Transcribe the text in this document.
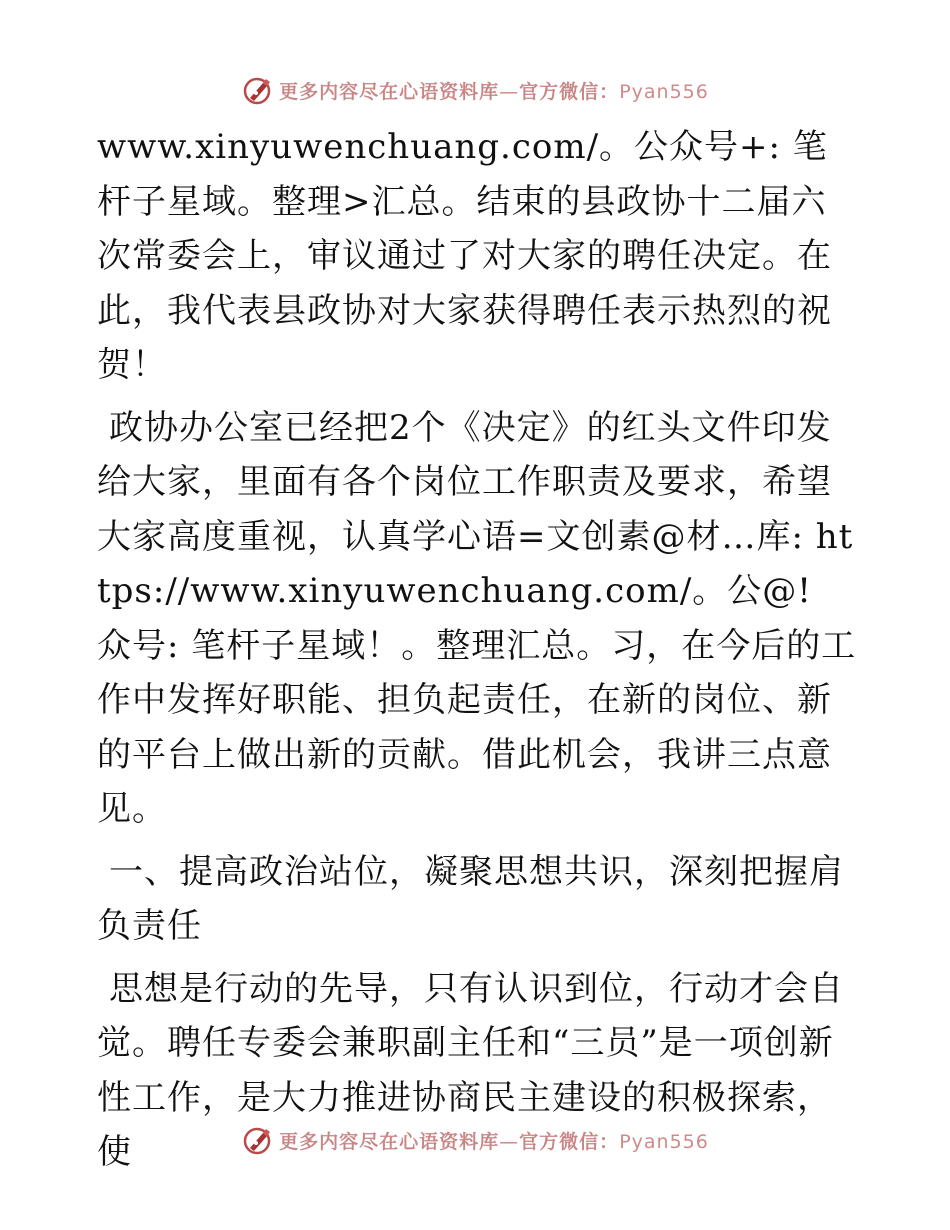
更多内容尽在心语资料库—官方微信：Pyan556

www.xinyuwenchuang.com/。公众号+: 笔杆子星域。整理>汇总。结束的县政协十二届六次常委会上，审议通过了对大家的聘任决定。在此，我代表县政协对大家获得聘任表示热烈的祝贺！

政协办公室已经把2个《决定》的红头文件印发给大家，里面有各个岗位工作职责及要求，希望大家高度重视，认真学心语=文创素@材…库: https://www.xinyuwenchuang.com/。公@! 众号: 笔杆子星域！。整理汇总。习，在今后的工作中发挥好职能、担负起责任，在新的岗位、新的平台上做出新的贡献。借此机会，我讲三点意见。

一、提高政治站位，凝聚思想共识，深刻把握肩负责任

思想是行动的先导，只有认识到位，行动才会自觉。聘任专委会兼职副主任和“三员”是一项创新性工作，是大力推进协商民主建设的积极探索，使	更多内容尽在心语资料库—官方微信：Pyan556
